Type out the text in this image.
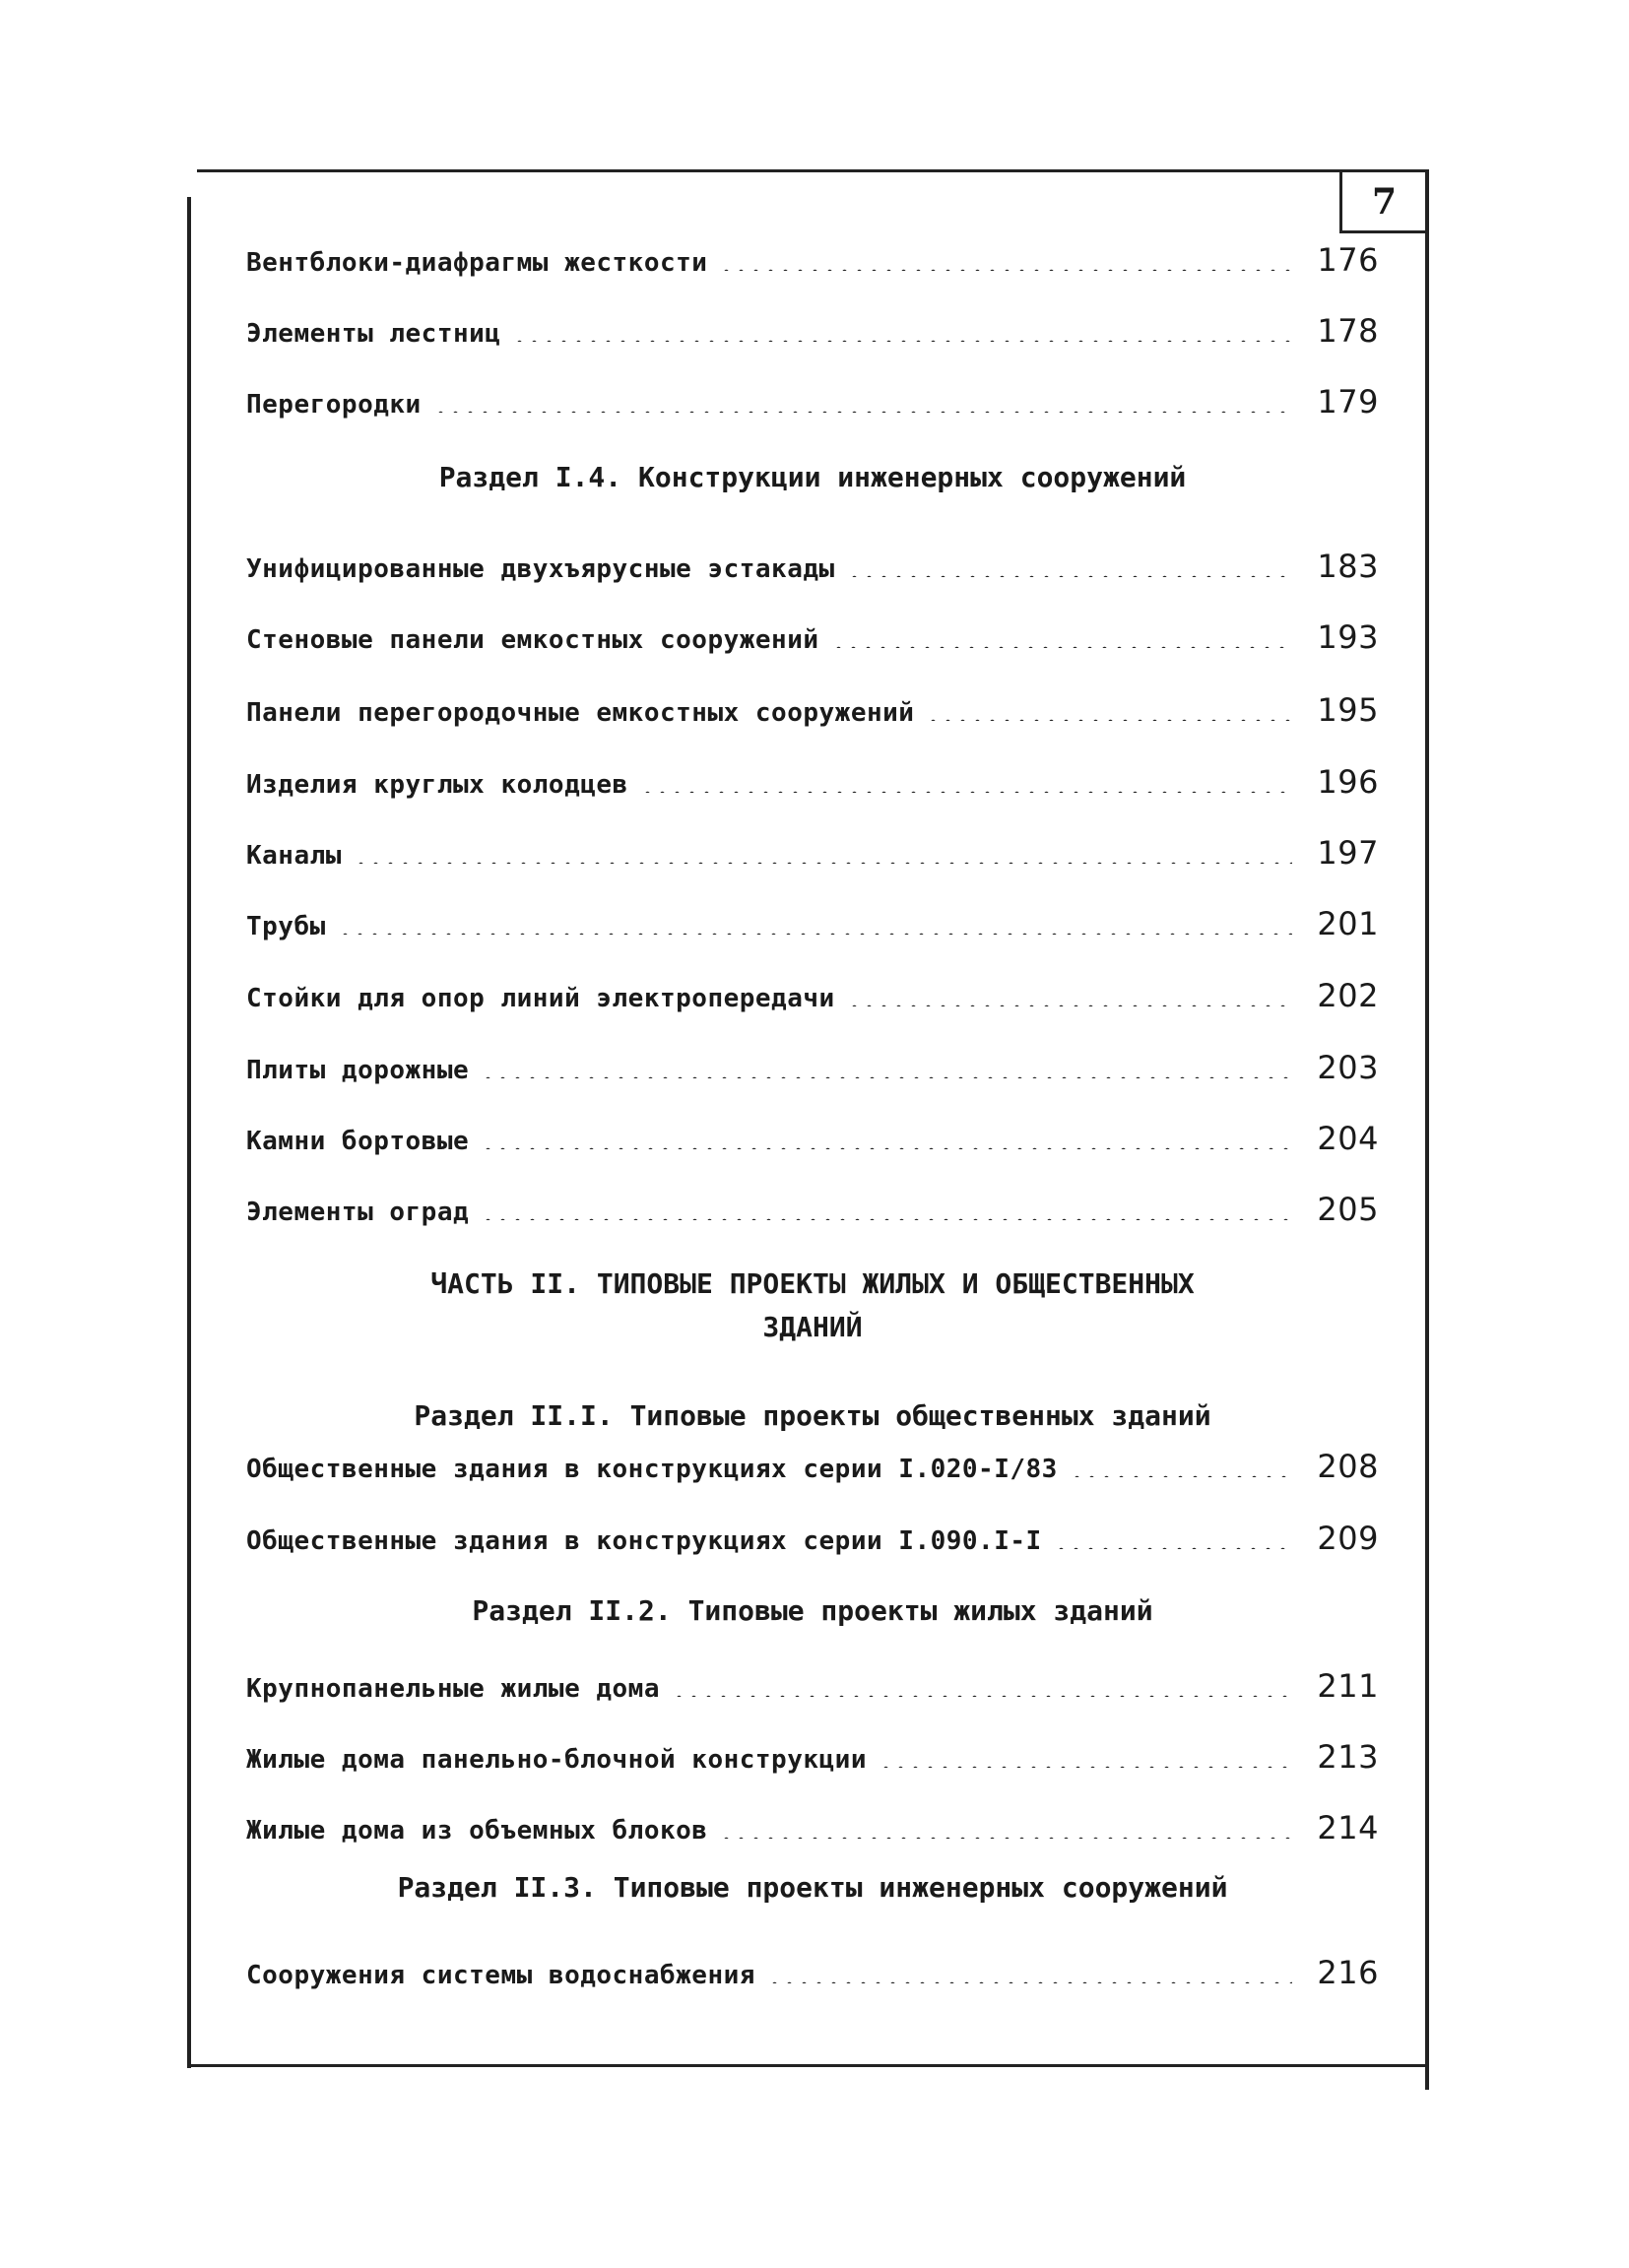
7
Вентблоки-диафрагмы жесткости	176
Элементы лестниц	178
Перегородки	179
Раздел I.4. Конструкции инженерных сооружений
Унифицированные двухъярусные эстакады	183
Стеновые панели емкостных сооружений	193
Панели перегородочные емкостных сооружений	195
Изделия круглых колодцев	196
Каналы	197
Трубы	201
Стойки для опор линий электропередачи	202
Плиты дорожные	203
Камни бортовые	204
Элементы оград	205
ЧАСТЬ II. ТИПОВЫЕ ПРОЕКТЫ ЖИЛЫХ И ОБЩЕСТВЕННЫХ
ЗДАНИЙ
Раздел II.I. Типовые проекты общественных зданий
Общественные здания в конструкциях серии I.020-I/83	208
Общественные здания в конструкциях серии I.090.I-I	209
Раздел II.2. Типовые проекты жилых зданий
Крупнопанельные жилые дома	211
Жилые дома панельно-блочной конструкции	213
Жилые дома из объемных блоков	214
Раздел II.3. Типовые проекты инженерных сооружений
Сооружения системы водоснабжения	216
